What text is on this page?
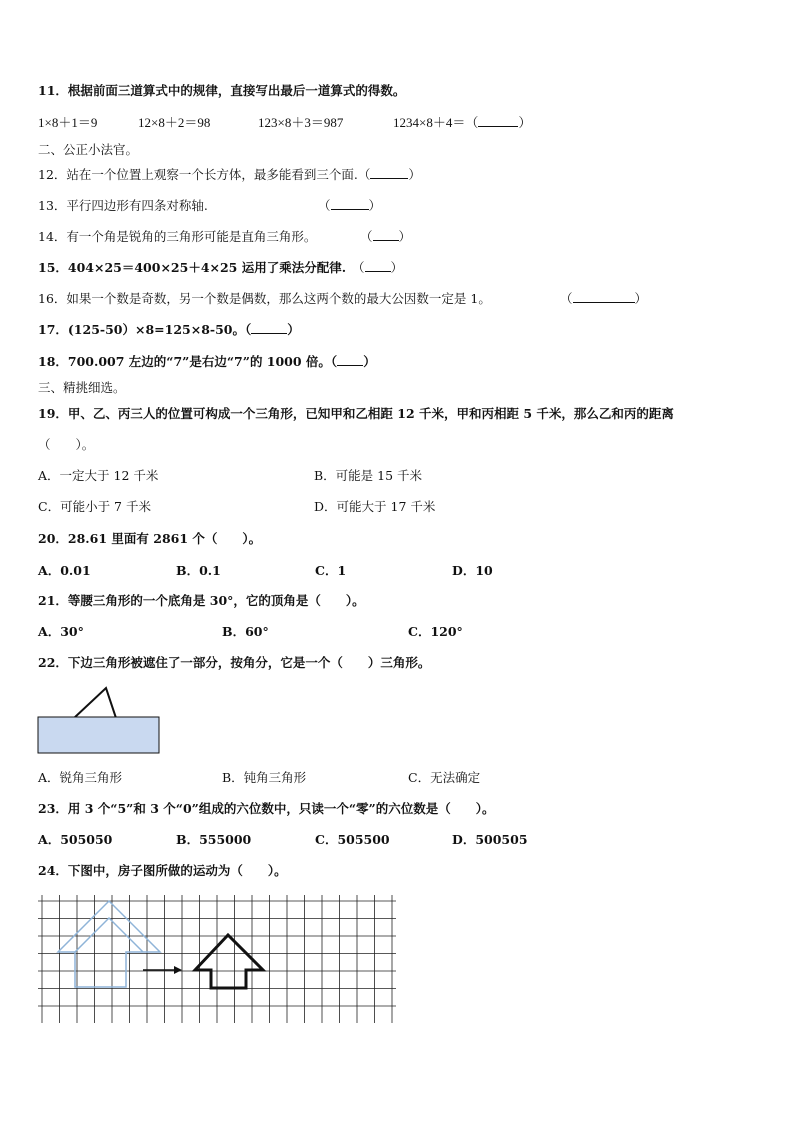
11．根据前面三道算式中的规律，直接写出最后一道算式的得数。
1×8＋1＝9	12×8＋2＝98	123×8＋3＝987	1234×8＋4＝（	）
二、公正小法官。
12．站在一个位置上观察一个长方体，最多能看到三个面.（	）
13．平行四边形有四条对称轴.	（	）
14．有一个角是锐角的三角形可能是直角三角形。	（ ）
15．404×25＝400×25＋4×25 运用了乘法分配律. （ ）
16．如果一个数是奇数，另一个数是偶数，那么这两个数的最大公因数一定是 1。	（	）
17．(125-50）×8=125×8-50。（	）
18．700.007 左边的“7”是右边“7”的 1000 倍。（ ）
三、精挑细选。
19．甲、乙、丙三人的位置可构成一个三角形，已知甲和乙相距 12 千米，甲和丙相距 5 千米，那么乙和丙的距离
（　　）。
A．一定大于 12 千米	B．可能是 15 千米
C．可能小于 7 千米	D．可能大于 17 千米
20．28.61 里面有 2861 个（　　）。
A．0.01	B．0.1	C．1	D．10
21．等腰三角形的一个底角是 30°，它的顶角是（　　）。
A．30°	B．60°	C．120°
22．下边三角形被遮住了一部分，按角分，它是一个（　　）三角形。
A．锐角三角形	B．钝角三角形	C．无法确定
23．用 3 个“5”和 3 个“0”组成的六位数中，只读一个“零”的六位数是（　　）。
A．505050	B．555000	C．505500	D．500505
24．下图中，房子图所做的运动为（　　）。
